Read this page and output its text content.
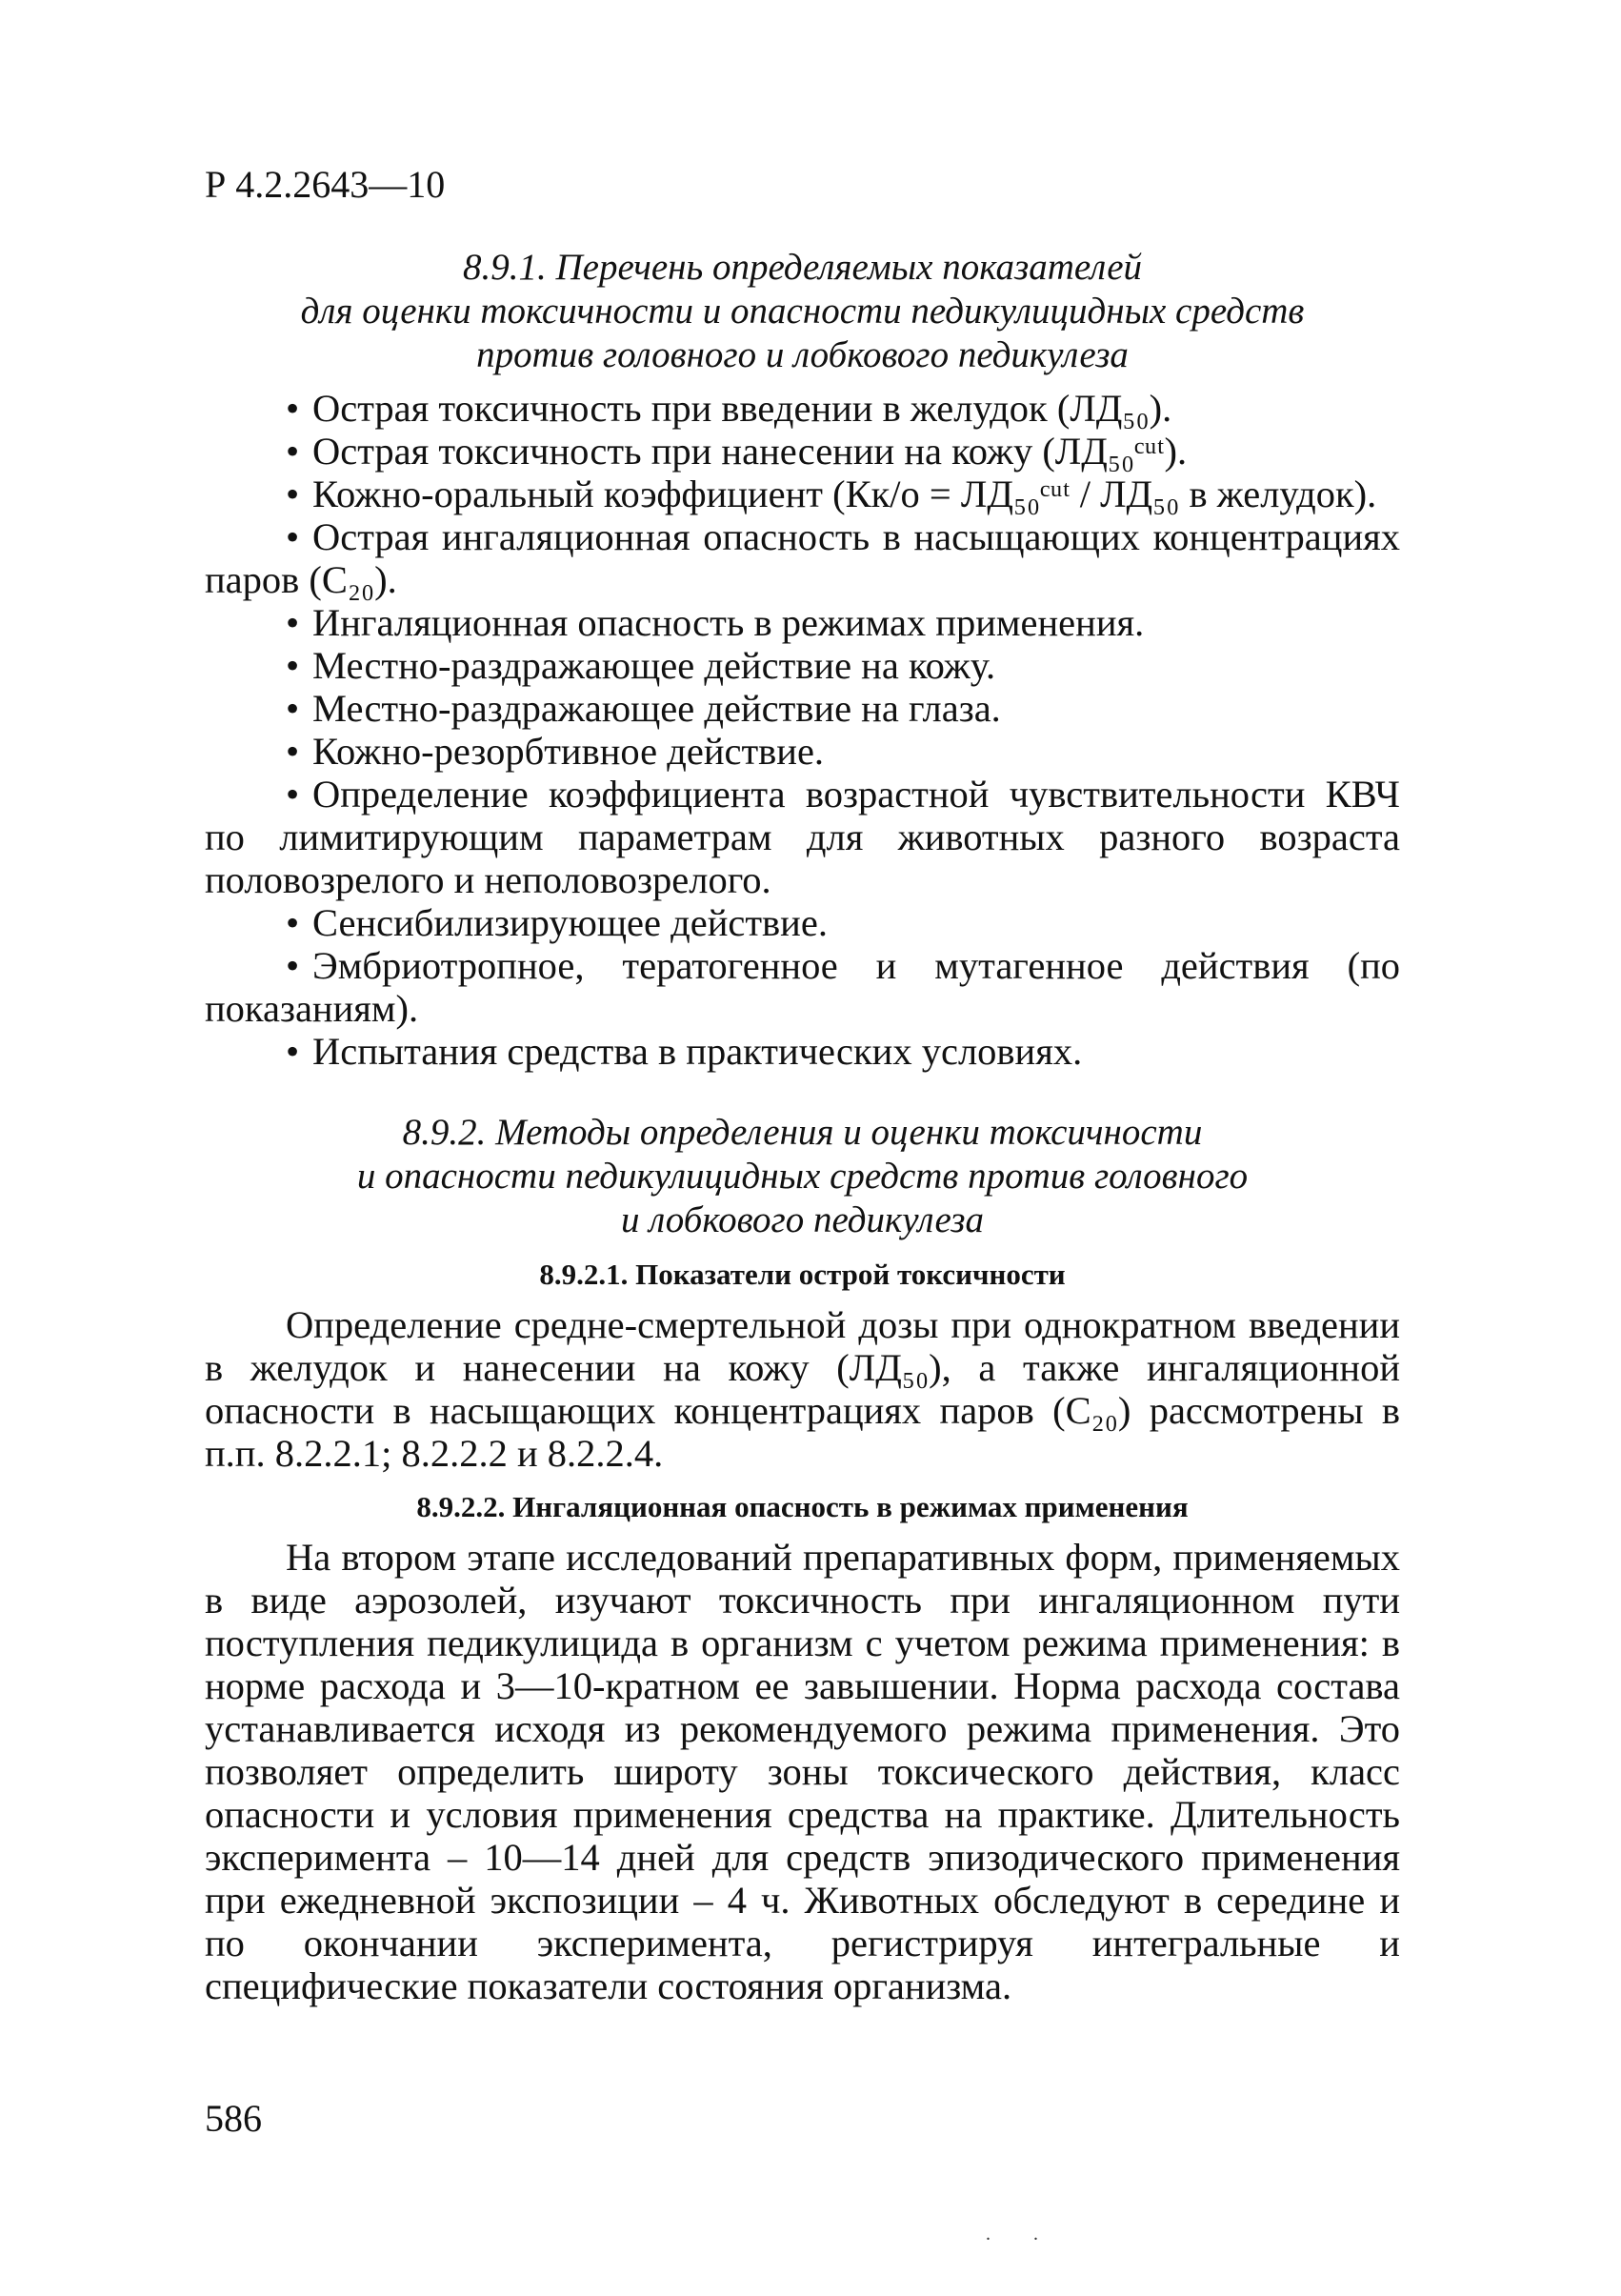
Р 4.2.2643—10
8.9.1. Перечень определяемых показателей
для оценки токсичности и опасности педикулицидных средств
против головного и лобкового педикулеза
• Острая токсичность при введении в желудок (ЛД₅₀).
• Острая токсичность при нанесении на кожу (ЛД₅₀ᶜᵘᵗ).
• Кожно-оральный коэффициент (Кк/о = ЛД₅₀ᶜᵘᵗ / ЛД₅₀ в желудок).
• Острая ингаляционная опасность в насыщающих концентрациях паров (С₂₀).
• Ингаляционная опасность в режимах применения.
• Местно-раздражающее действие на кожу.
• Местно-раздражающее действие на глаза.
• Кожно-резорбтивное действие.
• Определение коэффициента возрастной чувствительности КВЧ по лимитирующим параметрам для животных разного возраста половозрелого и неполовозрелого.
• Сенсибилизирующее действие.
• Эмбриотропное, тератогенное и мутагенное действия (по показаниям).
• Испытания средства в практических условиях.
8.9.2. Методы определения и оценки токсичности
и опасности педикулицидных средств против головного
и лобкового педикулеза
8.9.2.1. Показатели острой токсичности

Определение средне-смертельной дозы при однократном введении в желудок и нанесении на кожу (ЛД₅₀), а также ингаляционной опасности в насыщающих концентрациях паров (С₂₀) рассмотрены в п.п. 8.2.2.1; 8.2.2.2 и 8.2.2.4.

8.9.2.2. Ингаляционная опасность в режимах применения

На втором этапе исследований препаративных форм, применяемых в виде аэрозолей, изучают токсичность при ингаляционном пути поступления педикулицида в организм с учетом режима применения: в норме расхода и 3—10-кратном ее завышении. Норма расхода состава устанавливается исходя из рекомендуемого режима применения. Это позволяет определить широту зоны токсического действия, класс опасности и условия применения средства на практике. Длительность эксперимента – 10—14 дней для средств эпизодического применения при ежедневной экспозиции – 4 ч. Животных обследуют в середине и по окончании эксперимента, регистрируя интегральные и специфические показатели состояния организма.

586
. .
